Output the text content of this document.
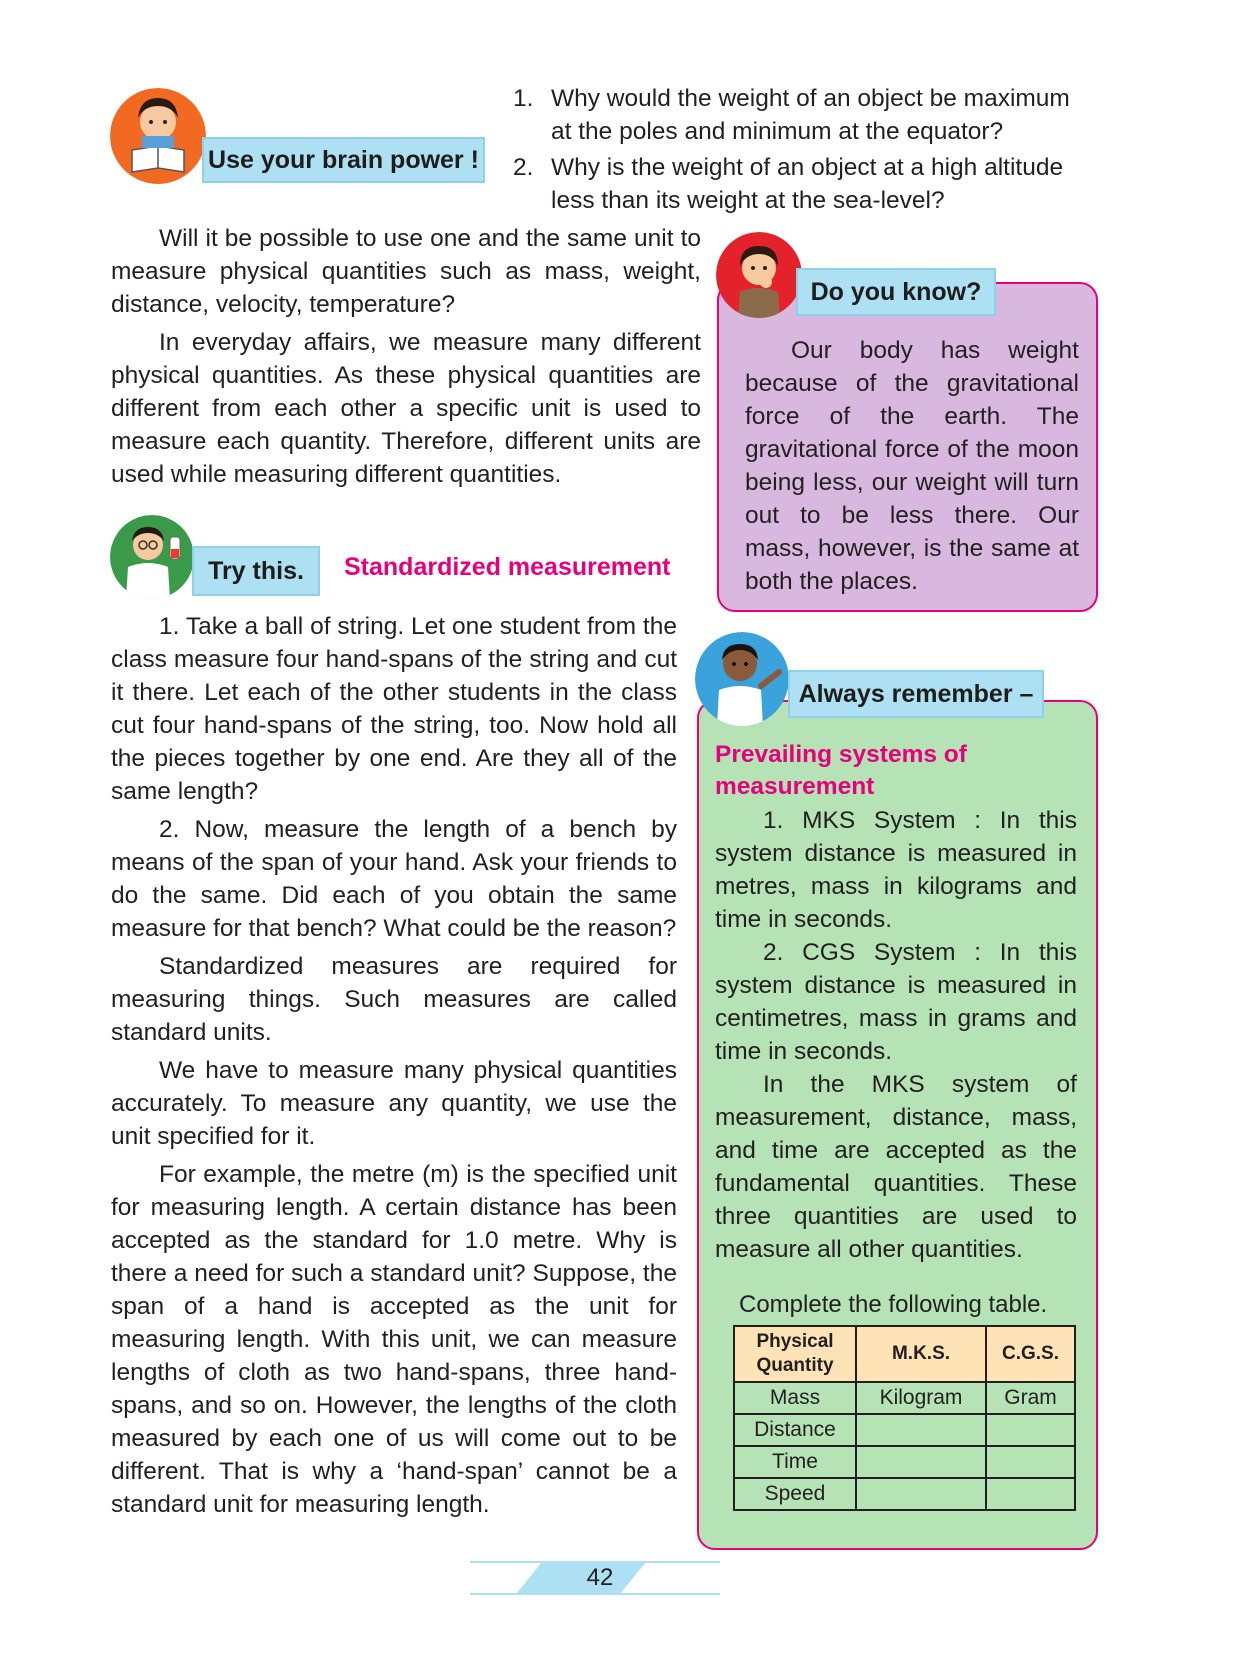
Use your brain power !
1. Why would the weight of an object be maximum
at the poles and minimum at the equator?
2. Why is the weight of an object at a high altitude
less than its weight at the sea-level?

Will it be possible to use one and the same unit to measure physical quantities such as mass, weight, distance, velocity, temperature?

In everyday affairs, we measure many different physical quantities. As these physical quantities are different from each other a specific unit is used to measure each quantity. Therefore, different units are used while measuring different quantities.

Try this.	Standardized measurement

1. Take a ball of string. Let one student from the class measure four hand-spans of the string and cut it there. Let each of the other students in the class cut four hand-spans of the string, too. Now hold all the pieces together by one end. Are they all of the same length?

2. Now, measure the length of a bench by means of the span of your hand. Ask your friends to do the same. Did each of you obtain the same measure for that bench? What could be the reason?

Standardized measures are required for measuring things. Such measures are called standard units.

We have to measure many physical quantities accurately. To measure any quantity, we use the unit specified for it.

For example, the metre (m) is the specified unit for measuring length. A certain distance has been accepted as the standard for 1.0 metre. Why is there a need for such a standard unit? Suppose, the span of a hand is accepted as the unit for measuring length. With this unit, we can measure lengths of cloth as two hand-spans, three hand-spans, and so on. However, the lengths of the cloth measured by each one of us will come out to be different. That is why a ‘hand-span’ cannot be a standard unit for measuring length.

Our body has weight because of the gravitational force of the earth. The gravitational force of the moon being less, our weight will turn out to be less there. Our mass, however, is the same at both the places.

Do you know?
Prevailing systems of
measurement

1. MKS System : In this system distance is measured in metres, mass in kilograms and time in seconds.

2. CGS System : In this system distance is measured in centimetres, mass in grams and time in seconds.

In the MKS system of measurement, distance, mass, and time are accepted as the fundamental quantities. These three quantities are used to measure all other quantities.

Complete the following table.
Physical Quantity	M.K.S.	C.G.S.
Mass	Kilogram	Gram
Distance		
Time		
Speed		
Always remember –
42
